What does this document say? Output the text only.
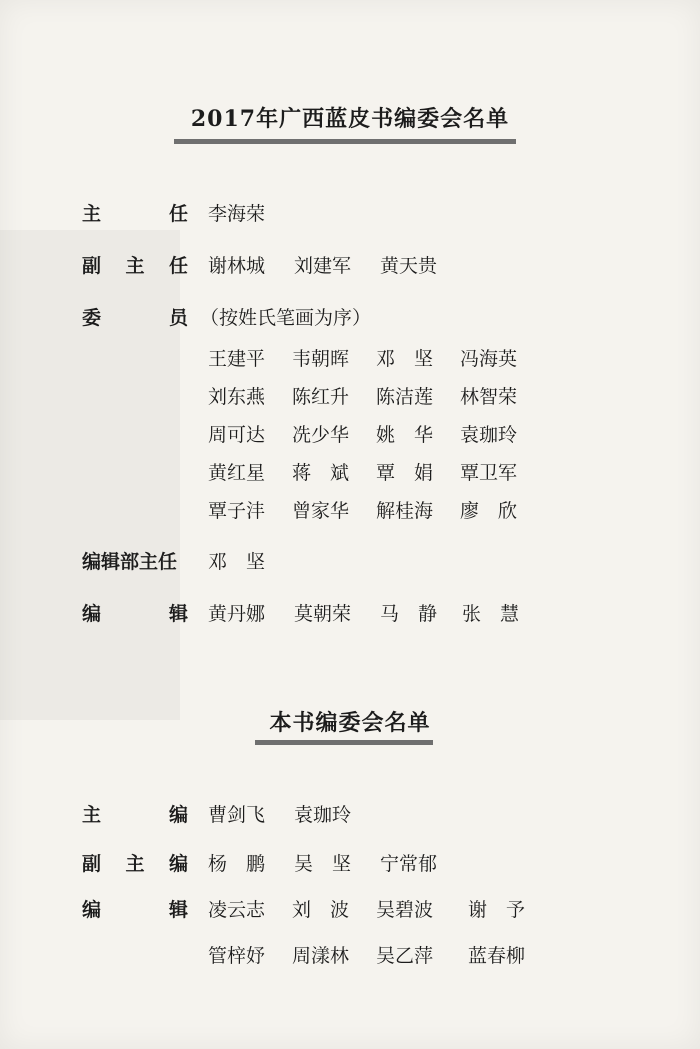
2017年广西蓝皮书编委会名单
主	任 李海荣
副 主 任 谢林城	刘建军	黄天贵
委	员 （按姓氏笔画为序）
王建平	韦朝晖	邓　坚	冯海英
刘东燕	陈红升	陈洁莲	林智荣
周可达	冼少华	姚　华	袁珈玲
黄红星	蒋　斌	覃　娟	覃卫军
覃子沣	曾家华	解桂海	廖　欣
编辑部主任	邓　坚
编	辑 黄丹娜	莫朝荣	马　静	张　慧
本书编委会名单
主	编 曹剑飞	袁珈玲
副 主 编 杨　鹏	吴　坚	宁常郁
编	辑 凌云志	刘　波	吴碧波	谢　予
管梓妤	周漾林	吴乙萍	蓝春柳
